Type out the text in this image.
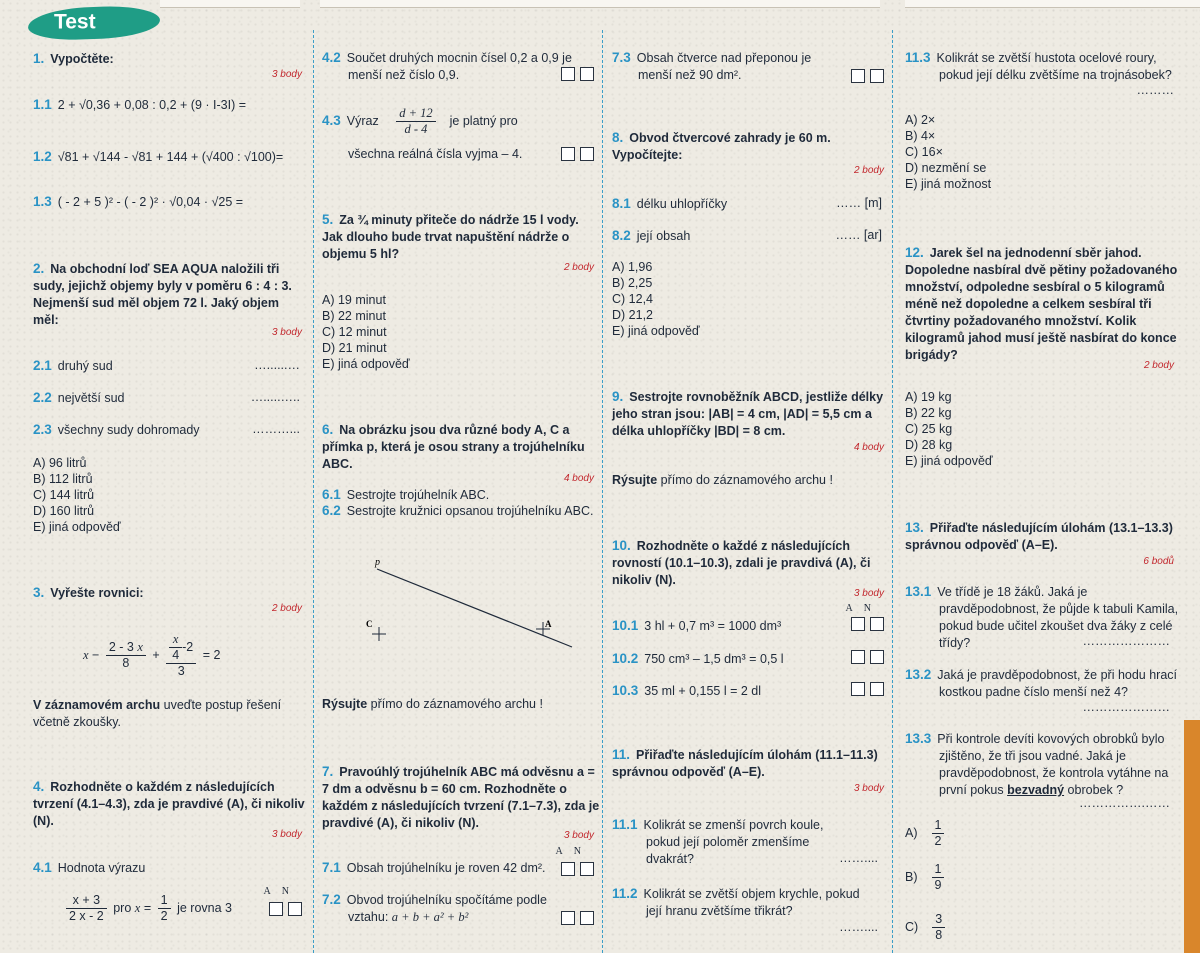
Test
1. Vypočtěte:
3 body
1.1 2 + √0,36 + 0,08 : 0,2 + (9 · I-3I) =
1.2 √81 + √144 - √81 + 144 + (√400 : √100)=
1.3 ( - 2 + 5 )² - ( - 2 )² · √0,04 · √25 =
2. Na obchodní loď SEA AQUA naložili tři sudy, jejichž objemy byly v poměru 6 : 4 : 3. Nejmenší sud měl objem 72 l. Jaký objem měl:
3 body
2.1 druhý sud	…......…
2.2 největší sud	….....…..
2.3 všechny sudy dohromady	………...
A) 96 litrů
B) 112 litrů
C) 144 litrů
D) 160 litrů
E) jiná odpověď
3. Vyřešte rovnici:
2 body
$x - \frac{2 - 3 x}{8} + \frac{\frac{x}{4} -2}{3} = 2$
V záznamovém archu uveďte postup řešení včetně zkoušky.
4. Rozhodněte o každém z následujících tvrzení (4.1–4.3), zda je pravdivé (A), či nikoliv (N).
3 body
4.1 Hodnota výrazu
AN
$\frac{x + 3}{2 x - 2}$ pro $x = \frac{1}{2}$ je rovna 3
4.2 Součet druhých mocnin čísel 0,2 a 0,9 je menší než číslo 0,9.
4.3 Výraz $\frac{d + 12}{d - 4}$ je platný pro
všechna reálná čísla vyjma – 4.
5. Za ¾ minuty přiteče do nádrže 15 l vody. Jak dlouho bude trvat napuštění nádrže o objemu 5 hl?
2 body
A) 19 minut
B) 22 minut
C) 12 minut
D) 21 minut
E) jiná odpověď
6. Na obrázku jsou dva různé body A, C a přímka p, která je osou strany a trojúhelníku ABC.
4 body
6.1 Sestrojte trojúhelník ABC.
6.2 Sestrojte kružnici opsanou trojúhelníku ABC.
p
C	A
Rýsujte přímo do záznamového archu !
7. Pravoúhlý trojúhelník ABC má odvěsnu a = 7 dm a odvěsnu b = 60 cm. Rozhodněte o každém z následujících tvrzení (7.1–7.3), zda je pravdivé (A), či nikoliv (N).
3 body
AN
7.1 Obsah trojúhelníku je roven 42 dm².
7.2 Obvod trojúhelníku spočítáme podle vztahu: a + b + a² + b²
7.3 Obsah čtverce nad přeponou je menší než 90 dm².
8. Obvod čtvercové zahrady je 60 m. Vypočítejte:
2 body
8.1 délku uhlopříčky	…… [m]
8.2 její obsah	…… [ar]
A) 1,96
B) 2,25
C) 12,4
D) 21,2
E) jiná odpověď
9. Sestrojte rovnoběžník ABCD, jestliže délky jeho stran jsou: |AB| = 4 cm, |AD| = 5,5 cm a délka uhlopříčky |BD| = 8 cm.
4 body
Rýsujte přímo do záznamového archu !
10. Rozhodněte o každé z následujících rovností (10.1–10.3), zdali je pravdivá (A), či nikoliv (N).
3 body
AN
10.1 3 hl + 0,7 m³ = 1000 dm³
10.2 750 cm³ – 1,5 dm³ = 0,5 l
10.3 35 ml + 0,155 l = 2 dl
11. Přiřaďte následujícím úlohám (11.1–11.3) správnou odpověď (A–E).
3 body
11.1 Kolikrát se zmenší povrch koule, pokud její poloměr zmenšíme dvakrát?	……....
11.2 Kolikrát se zvětší objem krychle, pokud její hranu zvětšíme třikrát?
……....
11.3 Kolikrát se zvětší hustota ocelové roury, pokud její délku zvětšíme na trojnásobek?
………
A) 2×
B) 4×
C) 16×
D) nezmění se
E) jiná možnost
12. Jarek šel na jednodenní sběr jahod. Dopoledne nasbíral dvě pětiny požadovaného množství, odpoledne sesbíral o 5 kilogramů méně než dopoledne a celkem sesbíral tři čtvrtiny požadovaného množství. Kolik kilogramů jahod musí ještě nasbírat do konce brigády?
2 body
A) 19 kg
B) 22 kg
C) 25 kg
D) 28 kg
E) jiná odpověď
13. Přiřaďte následujícím úlohám (13.1–13.3) správnou odpověď (A–E).
6 bodů
13.1 Ve třídě je 18 žáků. Jaká je pravděpodobnost, že půjde k tabuli Kamila, pokud bude učitel zkoušet dva žáky z celé třídy?	…………………
13.2 Jaká je pravděpodobnost, že při hodu hrací kostkou padne číslo menší než 4?
…………………
13.3 Při kontrole devíti kovových obrobků bylo zjištěno, že tři jsou vadné. Jaká je pravděpodobnost, že kontrola vytáhne na první pokus bezvadný obrobek ?
…………….……
$A) \frac{1}{2}$
$B) \frac{1}{9}$
$C) \frac{3}{8}$
